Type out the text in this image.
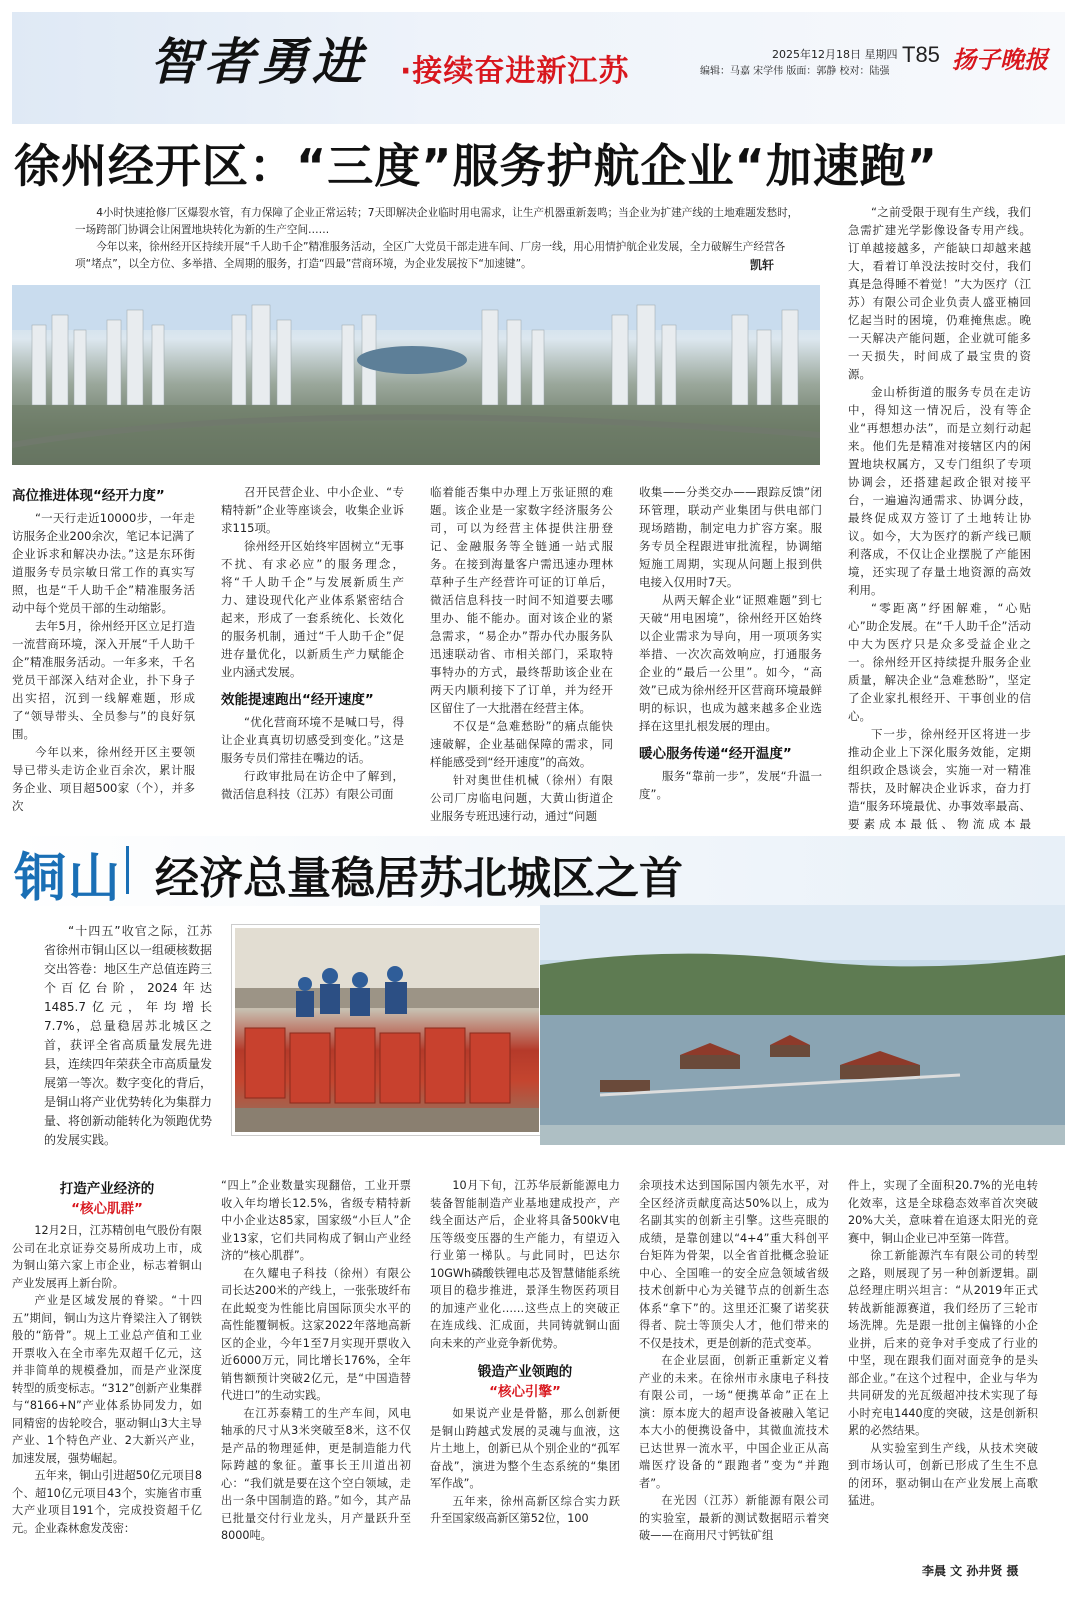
智者勇进 ·接续奋进新江苏	2025年12月18日 星期四 T85 扬子晚报
编辑：马嘉 宋学伟 版面：郭静 校对：陆强
徐州经开区：“三度”服务护航企业“加速跑”

4小时快速抢修厂区爆裂水管，有力保障了企业正常运转；7天即解决企业临时用电需求，让生产机器重新轰鸣；当企业为扩建产线的土地难题发愁时，一场跨部门协调会让闲置地块转化为新的生产空间……

今年以来，徐州经开区持续开展“千人助千企”精准服务活动，全区广大党员干部走进车间、厂房一线，用心用情护航企业发展，全力破解生产经营各项“堵点”，以全方位、多举措、全周期的服务，打造“四最”营商环境，为企业发展按下“加速键”。	凯轩
高位推进体现“经开力度”

“一天行走近10000步，一年走访服务企业200余次，笔记本记满了企业诉求和解决办法。”这是东环街道服务专员宗敏日常工作的真实写照，也是“千人助千企”精准服务活动中每个党员干部的生动缩影。

去年5月，徐州经开区立足打造一流营商环境，深入开展“千人助千企”精准服务活动。一年多来，千名党员干部深入结对企业，扑下身子出实招，沉到一线解难题，形成了“领导带头、全员参与”的良好氛围。

今年以来，徐州经开区主要领导已带头走访企业百余次，累计服务企业、项目超500家（个），并多次

召开民营企业、中小企业、“专精特新”企业等座谈会，收集企业诉求115项。

徐州经开区始终牢固树立“无事不扰、有求必应”的服务理念，将“千人助千企”与发展新质生产力、建设现代化产业体系紧密结合起来，形成了一套系统化、长效化的服务机制，通过“千人助千企”促进存量优化，以新质生产力赋能企业内涵式发展。

效能提速跑出“经开速度”

“优化营商环境不是喊口号，得让企业真真切切感受到变化。”这是服务专员们常挂在嘴边的话。

行政审批局在访企中了解到，微活信息科技（江苏）有限公司面

临着能否集中办理上万张证照的难题。该企业是一家数字经济服务公司，可以为经营主体提供注册登记、金融服务等全链通一站式服务。在接到海量客户需迅速办理林草种子生产经营许可证的订单后，微活信息科技一时间不知道要去哪里办、能不能办。面对该企业的紧急需求，“易企办”帮办代办服务队迅速联动省、市相关部门，采取特事特办的方式，最终帮助该企业在两天内顺利接下了订单，并为经开区留住了一大批潜在经营主体。

不仅是“急难愁盼”的痛点能快速破解，企业基础保障的需求，同样能感受到“经开速度”的高效。

针对奥世佳机械（徐州）有限公司厂房临电问题，大黄山街道企业服务专班迅速行动，通过“问题

收集——分类交办——跟踪反馈”闭环管理，联动产业集团与供电部门现场踏勘，制定电力扩容方案。服务专员全程跟进审批流程，协调缩短施工周期，实现从问题上报到供电接入仅用时7天。

从两天解企业“证照难题”到七天破“用电困境”，徐州经开区始终以企业需求为导向，用一项项务实举措、一次次高效响应，打通服务企业的“最后一公里”。如今，“高效”已成为徐州经开区营商环境最鲜明的标识，也成为越来越多企业选择在这里扎根发展的理由。

暖心服务传递“经开温度”

服务“靠前一步”，发展“升温一度”。

“之前受限于现有生产线，我们急需扩建光学影像设备专用产线。订单越接越多，产能缺口却越来越大，看着订单没法按时交付，我们真是急得睡不着觉！”大为医疗（江苏）有限公司企业负责人盛亚楠回忆起当时的困境，仍难掩焦虑。晚一天解决产能问题，企业就可能多一天损失，时间成了最宝贵的资源。

金山桥街道的服务专员在走访中，得知这一情况后，没有等企业“再想想办法”，而是立刻行动起来。他们先是精准对接辖区内的闲置地块权属方，又专门组织了专项协调会，还搭建起政企银对接平台，一遍遍沟通需求、协调分歧，最终促成双方签订了土地转让协议。如今，大为医疗的新产线已顺利落成，不仅让企业摆脱了产能困境，还实现了存量土地资源的高效利用。

“零距离”纾困解难，“心贴心”助企发展。在“千人助千企”活动中大为医疗只是众多受益企业之一。徐州经开区持续提升服务企业质量，解决企业“急难愁盼”，坚定了企业家扎根经开、干事创业的信心。

下一步，徐州经开区将进一步推动企业上下深化服务效能，定期组织政企恳谈会，实施一对一精准帮扶，及时解决企业诉求，奋力打造“服务环境最优、办事效率最高、要素成本最低、物流成本最

铜山 经济总量稳居苏北城区之首

“十四五”收官之际，江苏省徐州市铜山区以一组硬核数据交出答卷：地区生产总值连跨三个百亿台阶，2024年达1485.7亿元，年均增长7.7%，总量稳居苏北城区之首，获评全省高质量发展先进县，连续四年荣获全市高质量发展第一等次。数字变化的背后，是铜山将产业优势转化为集群力量、将创新动能转化为领跑优势的发展实践。

打造产业经济的
“核心肌群”

12月2日，江苏精创电气股份有限公司在北京证券交易所成功上市，成为铜山第六家上市企业，标志着铜山产业发展再上新台阶。

产业是区域发展的脊梁。“十四五”期间，铜山为这片脊梁注入了钢铁般的“筋骨”。规上工业总产值和工业开票收入在全市率先双超千亿元，这并非简单的规模叠加，而是产业深度转型的质变标志。“312”创新产业集群与“8166+N”产业体系协同发力，如同精密的齿轮咬合，驱动铜山3大主导产业、1个特色产业、2大新兴产业，加速发展，强势崛起。

五年来，铜山引进超50亿元项目8个、超10亿元项目43个，实施省市重大产业项目191个，完成投资超千亿元。企业森林愈发茂密：

“四上”企业数量实现翻倍，工业开票收入年均增长12.5%，省级专精特新中小企业达85家，国家级“小巨人”企业13家，它们共同构成了铜山产业经济的“核心肌群”。

在久耀电子科技（徐州）有限公司长达200米的产线上，一张张玻纤布在此蜕变为性能比肩国际顶尖水平的高性能覆铜板。这家2022年落地高新区的企业，今年1至7月实现开票收入近6000万元，同比增长176%，全年销售额预计突破2亿元，是“中国造替代进口”的生动实践。

在江苏泰精工的生产车间，风电轴承的尺寸从3米突破至8米，这不仅是产品的物理延伸，更是制造能力代际跨越的象征。董事长王川道出初心：“我们就是要在这个空白领域，走出一条中国制造的路。”如今，其产品已批量交付行业龙头，月产量跃升至8000吨。

10月下旬，江苏华辰新能源电力装备智能制造产业基地建成投产，产线全面达产后，企业将具备500kV电压等级变压器的生产能力，有望迈入行业第一梯队。与此同时，巴达尔10GWh磷酸铁锂电芯及智慧储能系统项目的稳步推进，景泽生物医药项目的加速产业化……这些点上的突破正在连成线、汇成面，共同铸就铜山面向未来的产业竞争新优势。

锻造产业领跑的
“核心引擎”

如果说产业是骨骼，那么创新便是铜山跨越式发展的灵魂与血液，这片土地上，创新已从个别企业的“孤军奋战”，演进为整个生态系统的“集团军作战”。

五年来，徐州高新区综合实力跃升至国家级高新区第52位，100

余项技术达到国际国内领先水平，对全区经济贡献度高达50%以上，成为名副其实的创新主引擎。这些亮眼的成绩，是靠创建以“4+4”重大科创平台矩阵为骨架，以全省首批概念验证中心、全国唯一的安全应急领域省级技术创新中心为关键节点的创新生态体系“拿下”的。这里还汇聚了诺奖获得者、院士等顶尖人才，他们带来的不仅是技术，更是创新的范式变革。

在企业层面，创新正重新定义着产业的未来。在徐州市永康电子科技有限公司，一场“便携革命”正在上演：原本庞大的超声设备被融入笔记本大小的便携设备中，其微血流技术已达世界一流水平，中国企业正从高端医疗设备的“跟跑者”变为“并跑者”。

在光因（江苏）新能源有限公司的实验室，最新的测试数据昭示着突破——在商用尺寸钙钛矿组

件上，实现了全面积20.7%的光电转化效率，这是全球稳态效率首次突破20%大关，意味着在追逐太阳光的竞赛中，铜山企业已冲至第一阵营。

徐工新能源汽车有限公司的转型之路，则展现了另一种创新逻辑。副总经理庄明兴坦言：“从2019年正式转战新能源赛道，我们经历了三轮市场洗牌。先是跟一批创主偏锋的小企业拼，后来的竞争对手变成了行业的中坚，现在跟我们面对面竞争的是头部企业。”在这个过程中，企业与华为共同研发的光瓦级超冲技术实现了每小时充电1440度的突破，这是创新积累的必然结果。

从实验室到生产线，从技术突破到市场认可，创新已形成了生生不息的闭环，驱动铜山在产业发展上高歌猛进。

李晨 文 孙井贤 摄
